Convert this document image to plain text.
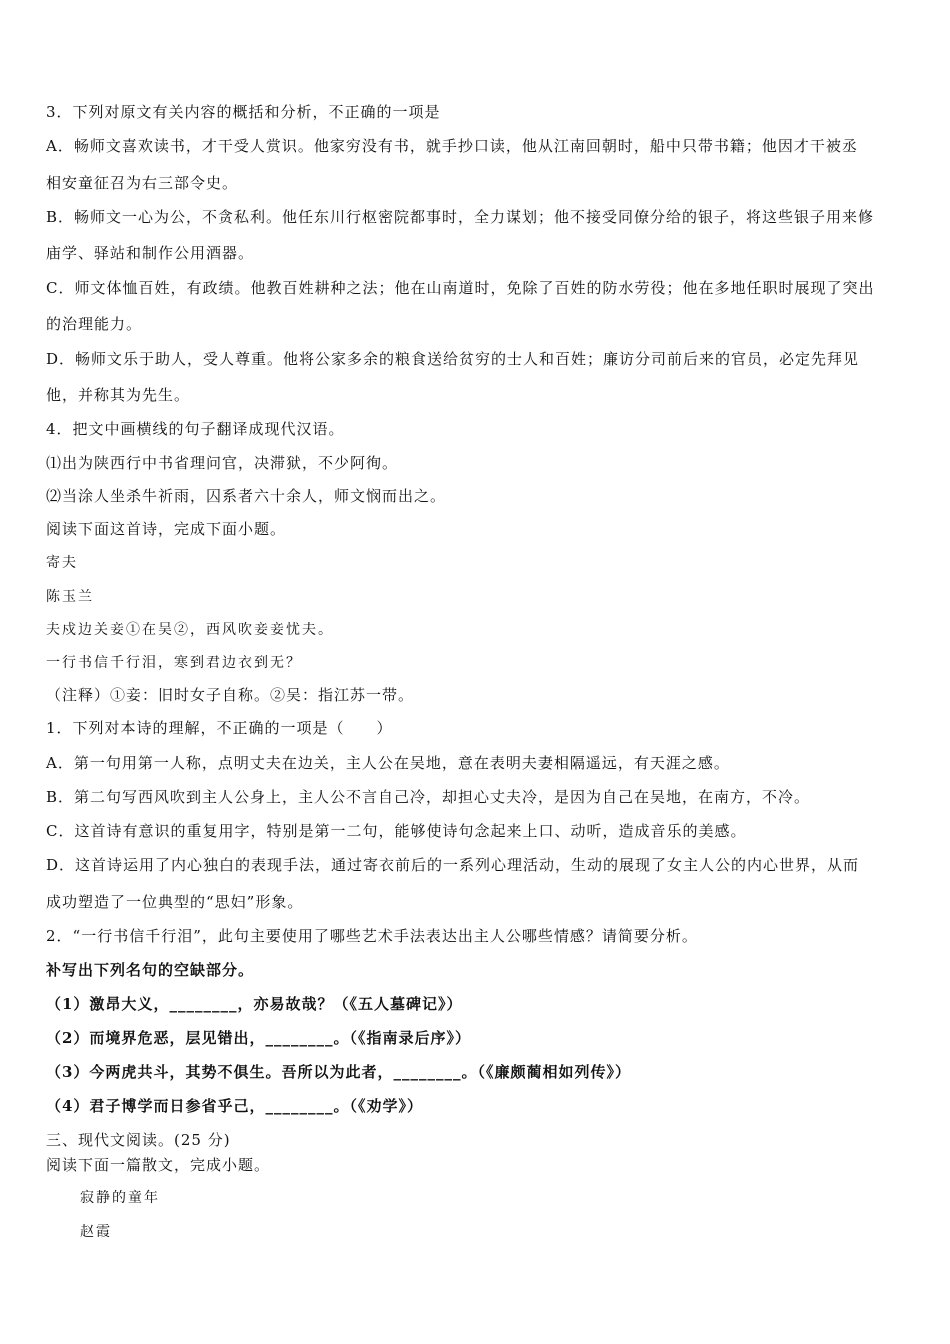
3．下列对原文有关内容的概括和分析，不正确的一项是
A．畅师文喜欢读书，才干受人赏识。他家穷没有书，就手抄口读，他从江南回朝时，船中只带书籍；他因才干被丞
相安童征召为右三部令史。
B．畅师文一心为公，不贪私利。他任东川行枢密院都事时，全力谋划；他不接受同僚分给的银子，将这些银子用来修
庙学、驿站和制作公用酒器。
C．师文体恤百姓，有政绩。他教百姓耕种之法；他在山南道时，免除了百姓的防水劳役；他在多地任职时展现了突出
的治理能力。
D．畅师文乐于助人，受人尊重。他将公家多余的粮食送给贫穷的士人和百姓；廉访分司前后来的官员，必定先拜见
他，并称其为先生。
4．把文中画横线的句子翻译成现代汉语。
⑴出为陕西行中书省理问官，决滞狱，不少阿徇。
⑵当涂人坐杀牛祈雨，囚系者六十余人，师文悯而出之。
阅读下面这首诗，完成下面小题。
寄夫
陈玉兰
夫戍边关妾①在吴②，西风吹妾妾忧夫。
一行书信千行泪，寒到君边衣到无？
（注释）①妾：旧时女子自称。②吴：指江苏一带。
1．下列对本诗的理解，不正确的一项是（　　）
A．第一句用第一人称，点明丈夫在边关，主人公在吴地，意在表明夫妻相隔遥远，有天涯之感。
B．第二句写西风吹到主人公身上，主人公不言自己冷，却担心丈夫冷，是因为自己在吴地，在南方，不冷。
C．这首诗有意识的重复用字，特别是第一二句，能够使诗句念起来上口、动听，造成音乐的美感。
D．这首诗运用了内心独白的表现手法，通过寄衣前后的一系列心理活动，生动的展现了女主人公的内心世界，从而
成功塑造了一位典型的“思妇”形象。
2．“一行书信千行泪”，此句主要使用了哪些艺术手法表达出主人公哪些情感？请简要分析。
补写出下列名句的空缺部分。
（1）激昂大义，________，亦易故哉？（《五人墓碑记》）
（2）而境界危恶，层见错出，________。（《指南录后序》）
（3）今两虎共斗，其势不俱生。吾所以为此者，________。（《廉颇蔺相如列传》）
（4）君子博学而日参省乎己，________。（《劝学》）
三、现代文阅读。(25 分)
阅读下面一篇散文，完成小题。
寂静的童年
赵霞
